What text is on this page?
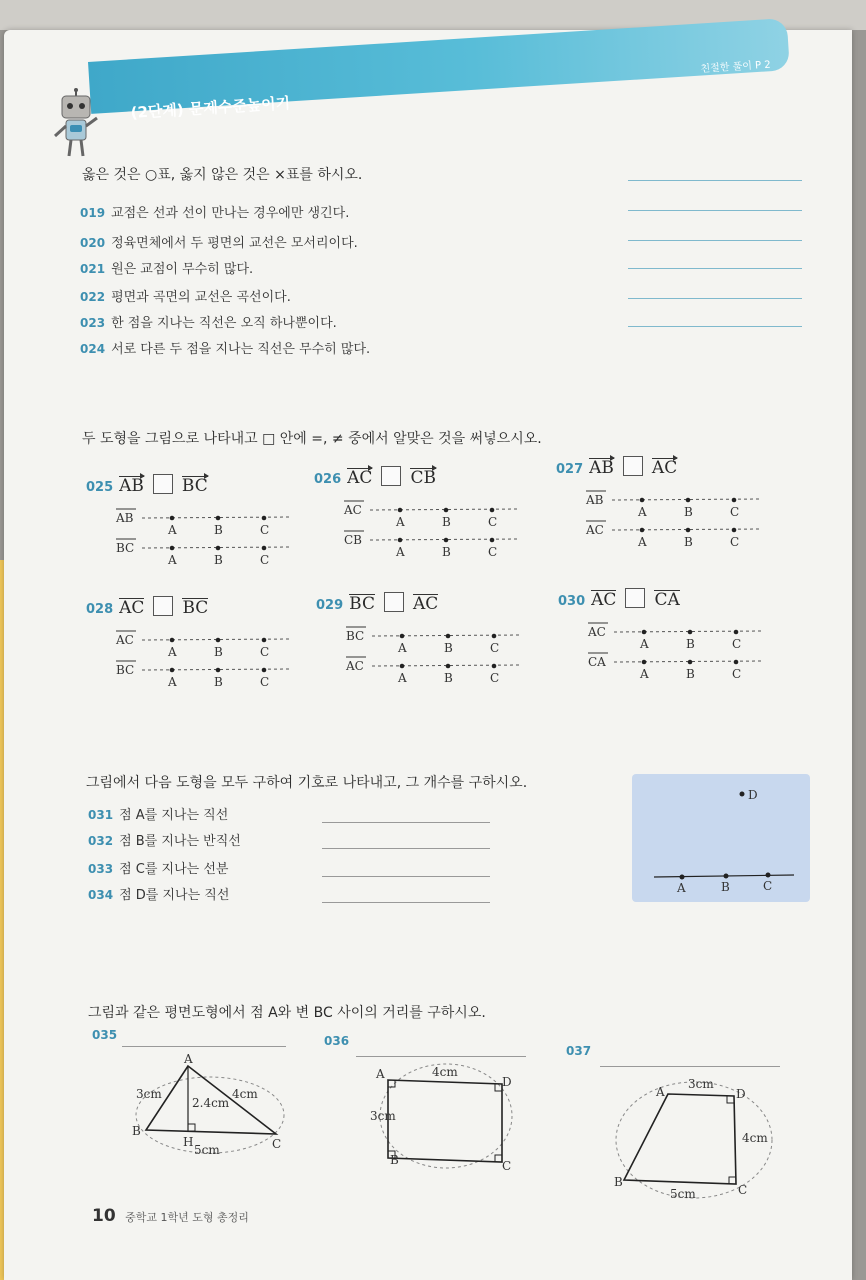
(2단계) 문제수준높이기
친절한 풀이 P 2
옳은 것은 ○표, 옳지 않은 것은 ×표를 하시오.
019 교점은 선과 선이 만나는 경우에만 생긴다.
020 정육면체에서 두 평면의 교선은 모서리이다.
021 원은 교점이 무수히 많다.
022 평면과 곡면의 교선은 곡선이다.
023 한 점을 지나는 직선은 오직 하나뿐이다.
024 서로 다른 두 점을 지나는 직선은 무수히 많다.
두 도형을 그림으로 나타내고 □ 안에 =, ≠ 중에서 알맞은 것을 써넣으시오.
025 AB BC
AB
A	B	C
BC
A	B	C
026 AC CB
AC
A	B	C
CB
A	B	C
027 AB AC
AB
A	B	C
AC
A	B	C
028 AC BC
AC
A	B	C
BC
A	B	C
029 BC AC
BC
A	B	C
AC
A	B	C
030 AC CA
AC
A	B	C
CA
A	B	C
그림에서 다음 도형을 모두 구하여 기호로 나타내고, 그 개수를 구하시오.
031 점 A를 지나는 직선
032 점 B를 지나는 반직선
033 점 C를 지나는 선분
034 점 D를 지나는 직선
D
A	B	C
그림과 같은 평면도형에서 점 A와 변 BC 사이의 거리를 구하시오.
035
A
B
C
H
3cm	4cm
2.4cm
5cm
036
A
D
B	C
4cm
3cm
037
A	D
B
C
3cm
4cm
5cm
10 중학교 1학년 도형 총정리
